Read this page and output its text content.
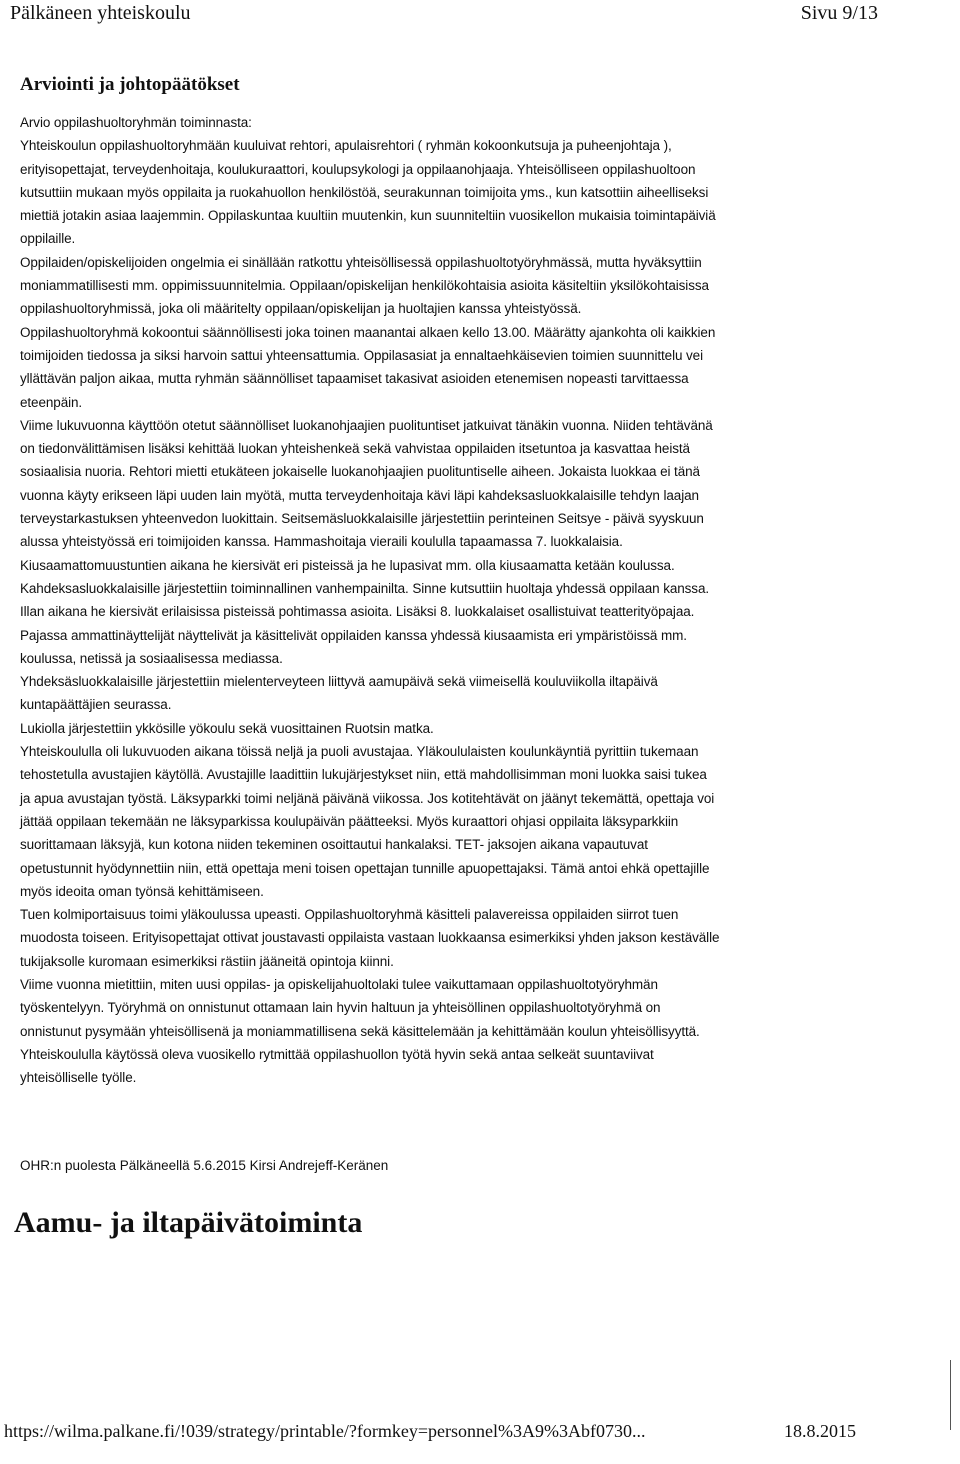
Pälkäneen yhteiskoulu	Sivu 9/13
Arviointi ja johtopäätökset

Arvio oppilashuoltoryhmän toiminnasta:

Yhteiskoulun oppilashuoltoryhmään kuuluivat rehtori, apulaisrehtori ( ryhmän kokoonkutsuja ja puheenjohtaja ),

erityisopettajat, terveydenhoitaja, koulukuraattori, koulupsykologi ja oppilaanohjaaja. Yhteisölliseen oppilashuoltoon

kutsuttiin mukaan myös oppilaita ja ruokahuollon henkilöstöä, seurakunnan toimijoita yms., kun katsottiin aiheelliseksi

miettiä jotakin asiaa laajemmin. Oppilaskuntaa kuultiin muutenkin, kun suunniteltiin vuosikellon mukaisia toimintapäiviä

oppilaille.

Oppilaiden/opiskelijoiden ongelmia ei sinällään ratkottu yhteisöllisessä oppilashuoltotyöryhmässä, mutta hyväksyttiin

moniammatillisesti mm. oppimissuunnitelmia. Oppilaan/opiskelijan henkilökohtaisia asioita käsiteltiin yksilökohtaisissa

oppilashuoltoryhmissä, joka oli määritelty oppilaan/opiskelijan ja huoltajien kanssa yhteistyössä.

Oppilashuoltoryhmä kokoontui säännöllisesti joka toinen maanantai alkaen kello 13.00. Määrätty ajankohta oli kaikkien

toimijoiden tiedossa ja siksi harvoin sattui yhteensattumia. Oppilasasiat ja ennaltaehkäisevien toimien suunnittelu vei

yllättävän paljon aikaa, mutta ryhmän säännölliset tapaamiset takasivat asioiden etenemisen nopeasti tarvittaessa

eteenpäin.

Viime lukuvuonna käyttöön otetut säännölliset luokanohjaajien puolituntiset jatkuivat tänäkin vuonna. Niiden tehtävänä

on tiedonvälittämisen lisäksi kehittää luokan yhteishenkeä sekä vahvistaa oppilaiden itsetuntoa ja kasvattaa heistä

sosiaalisia nuoria. Rehtori mietti etukäteen jokaiselle luokanohjaajien puolituntiselle aiheen. Jokaista luokkaa ei tänä

vuonna käyty erikseen läpi uuden lain myötä, mutta terveydenhoitaja kävi läpi kahdeksasluokkalaisille tehdyn laajan

terveystarkastuksen yhteenvedon luokittain. Seitsemäsluokkalaisille järjestettiin perinteinen Seitsye - päivä syyskuun

alussa yhteistyössä eri toimijoiden kanssa. Hammashoitaja vieraili koululla tapaamassa 7. luokkalaisia.

Kiusaamattomuustuntien aikana he kiersivät eri pisteissä ja he lupasivat mm. olla kiusaamatta ketään koulussa.

Kahdeksasluokkalaisille järjestettiin toiminnallinen vanhempainilta. Sinne kutsuttiin huoltaja yhdessä oppilaan kanssa.

Illan aikana he kiersivät erilaisissa pisteissä pohtimassa asioita. Lisäksi 8. luokkalaiset osallistuivat teatterityöpajaa.

Pajassa ammattinäyttelijät näyttelivät ja käsittelivät oppilaiden kanssa yhdessä kiusaamista eri ympäristöissä mm.

koulussa, netissä ja sosiaalisessa mediassa.

Yhdeksäsluokkalaisille järjestettiin mielenterveyteen liittyvä aamupäivä sekä viimeisellä kouluviikolla iltapäivä

kuntapäättäjien seurassa.

Lukiolla järjestettiin ykkösille yökoulu sekä vuosittainen Ruotsin matka.

Yhteiskoululla oli lukuvuoden aikana töissä neljä ja puoli avustajaa. Yläkoululaisten koulunkäyntiä pyrittiin tukemaan

tehostetulla avustajien käytöllä. Avustajille laadittiin lukujärjestykset niin, että mahdollisimman moni luokka saisi tukea

ja apua avustajan työstä. Läksyparkki toimi neljänä päivänä viikossa. Jos kotitehtävät on jäänyt tekemättä, opettaja voi

jättää oppilaan tekemään ne läksyparkissa koulupäivän päätteeksi. Myös kuraattori ohjasi oppilaita läksyparkkiin

suorittamaan läksyjä, kun kotona niiden tekeminen osoittautui hankalaksi. TET- jaksojen aikana vapautuvat

opetustunnit hyödynnettiin niin, että opettaja meni toisen opettajan tunnille apuopettajaksi. Tämä antoi ehkä opettajille

myös ideoita oman työnsä kehittämiseen.

Tuen kolmiportaisuus toimi yläkoulussa upeasti. Oppilashuoltoryhmä käsitteli palavereissa oppilaiden siirrot tuen

muodosta toiseen. Erityisopettajat ottivat joustavasti oppilaista vastaan luokkaansa esimerkiksi yhden jakson kestävälle

tukijaksolle kuromaan esimerkiksi rästiin jääneitä opintoja kiinni.

Viime vuonna mietittiin, miten uusi oppilas- ja opiskelijahuoltolaki tulee vaikuttamaan oppilashuoltotyöryhmän

työskentelyyn. Työryhmä on onnistunut ottamaan lain hyvin haltuun ja yhteisöllinen oppilashuoltotyöryhmä on

onnistunut pysymään yhteisöllisenä ja moniammatillisena sekä käsittelemään ja kehittämään koulun yhteisöllisyyttä.

Yhteiskoululla käytössä oleva vuosikello rytmittää oppilashuollon työtä hyvin sekä antaa selkeät suuntaviivat

yhteisölliselle työlle.

OHR:n puolesta Pälkäneellä 5.6.2015 Kirsi Andrejeff-Keränen
Aamu- ja iltapäivätoiminta
https://wilma.palkane.fi/!039/strategy/printable/?formkey=personnel%3A9%3Abf0730...	18.8.2015
